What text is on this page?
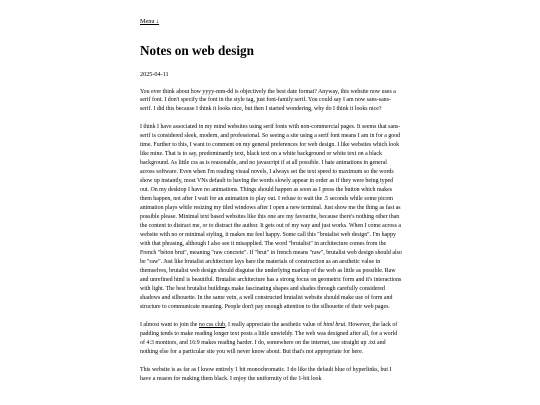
Menu ↓
Notes on web design
2025-04-11

You ever think about how yyyy-mm-dd is objectively the best date format? Anyway, this website now uses a serif font. I don't specify the font in the style tag, just font-family:serif. You could say I am now sans-sans-serif. I did this because I think it looks nice, but then I started wondering, why do I think it looks nice?

I think I have associated in my mind websites using serif fonts with non-commercial pages. It seems that sans-serif is considered sleek, modern, and professional. So seeing a site using a serif font means I am in for a good time. Further to this, I want to comment on my general preferences for web design. I like websites which look like mine. That is to say, predominantly text, black text on a white background or white text on a black background. As little css as is reasonable, and no javascript if at all possible. I hate animations in general across software. Even when I'm reading visual novels, I always set the text speed to maximum so the words show up instantly, most VNs default to having the words slowly appear in order as if they were being typed out. On my desktop I have no animations. Things should happen as soon as I press the button which makes them happen, not after I wait for an animation to play out. I refuse to wait the .5 seconds while some picom animation plays while resizing my tiled windows after I open a new terminal. Just show me the thing as fast as possible please. Minimal text based websites like this one are my favourite, because there's nothing other than the content to distract me, or to distract the author. It gets out of my way and just works. When I come across a website with no or minimal styling, it makes me feel happy. Some call this "brutalist web design". I'm happy with that phrasing, although I also see it misapplied. The word "brutalist" in architecture comes from the French "béton brut", meaning "raw concrete". If "brut" in french means "raw", brutalist web design should also be "raw". Just like brutalist architecture lays bare the materials of construction as an aesthetic value in themselves, brutalist web design should disguise the underlying markup of the web as little as possible. Raw and unrefined html is beautiful. Brutalist architecture has a strong focus on geometric form and it's interactions with light. The best brutalist buildings make fascinating shapes and shades through carefully considered shadows and silhouette. In the same vein, a well constructed brutalist website should make use of form and structure to communicate meaning. People don't pay enough attention to the silhouette of their web pages.

I almost want to join the no css club, I really appreciate the aesthetic value of html brut. However, the lack of padding tends to make reading longer text posts a little unwieldy. The web was designed after all, for a world of 4:3 monitors, and 16:9 makes reading harder. I do, somewhere on the internet, use straight up .txt and nothing else for a particular site you will never know about. But that's not appropriate for here.

This website is as far as I know entirely 1 bit monochromatic. I do like the default blue of hyperlinks, but I have a reason for making them black. I enjoy the uniformity of the 1-bit look
